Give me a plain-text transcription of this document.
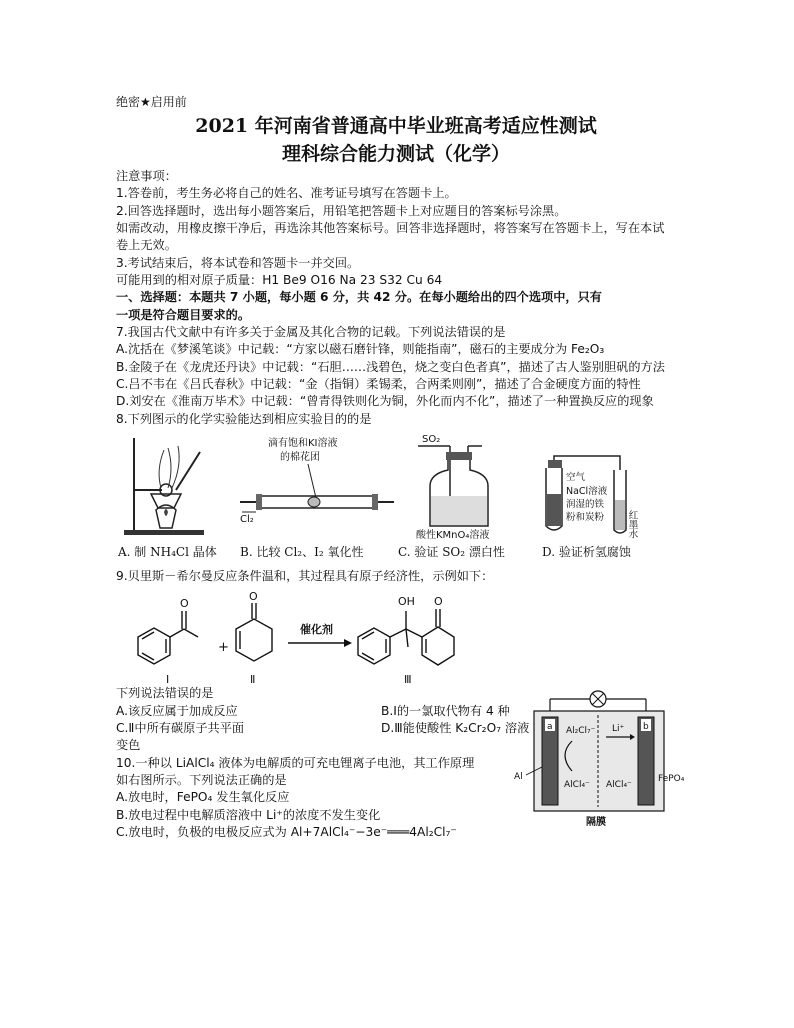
绝密★启用前
2021 年河南省普通高中毕业班高考适应性测试
理科综合能力测试（化学）
注意事项：
1.答卷前，考生务必将自己的姓名、准考证号填写在答题卡上。
2.回答选择题时，选出每小题答案后，用铅笔把答题卡上对应题目的答案标号涂黑。
如需改动，用橡皮擦干净后，再选涂其他答案标号。回答非选择题时，将答案写在答题卡上，写在本试卷上无效。
3.考试结束后，将本试卷和答题卡一并交回。
可能用到的相对原子质量：H1 Be9 O16 Na 23 S32 Cu 64
一、选择题：本题共 7 小题，每小题 6 分，共 42 分。在每小题给出的四个选项中，只有
一项是符合题目要求的。
7.我国古代文献中有许多关于金属及其化合物的记载。下列说法错误的是
A.沈括在《梦溪笔谈》中记载：“方家以磁石磨针锋，则能指南”，磁石的主要成分为 Fe₂O₃
B.金陵子在《龙虎还丹诀》中记载：“石胆……浅碧色，烧之变白色者真”，描述了古人鉴别胆矾的方法
C.吕不韦在《吕氏春秋》中记载：“金（指铜）柔锡柔，合两柔则刚”，描述了合金硬度方面的特性
D.刘安在《淮南万毕术》中记载：“曾青得铁则化为铜，外化而内不化”，描述了一种置换反应的现象
8.下列图示的化学实验能达到相应实验目的的是
A. 制 NH₄Cl 晶体
滴有饱和KI溶液
的棉花团
Cl₂
B. 比较 Cl₂、I₂ 氧化性
SO₂
酸性KMnO₄溶液
C. 验证 SO₂ 漂白性
空气
NaCl溶液
润湿的铁
粉和炭粉 红墨水
D. 验证析氢腐蚀
9.贝里斯－希尔曼反应条件温和，其过程具有原子经济性，示例如下：
O
Ⅰ
+
O
Ⅱ
催化剂
OH O
Ⅲ
下列说法错误的是
A.该反应属于加成反应	B.Ⅰ的一氯取代物有 4 种
C.Ⅱ中所有碳原子共平面	D.Ⅲ能使酸性 K₂Cr₂O₇ 溶液
变色
10.一种以 LiAlCl₄ 液体为电解质的可充电锂离子电池，其工作原理
如右图所示。下列说法正确的是
A.放电时，FePO₄ 发生氧化反应
B.放电过程中电解质溶液中 Li⁺的浓度不发生变化
C.放电时，负极的电极反应式为 Al+7AlCl₄⁻−3e⁻═══4Al₂Cl₇⁻
a	b
Al₂Cl₇⁻
AlCl₄⁻
Li⁺
AlCl₄⁻
Al	FePO₄
隔膜
